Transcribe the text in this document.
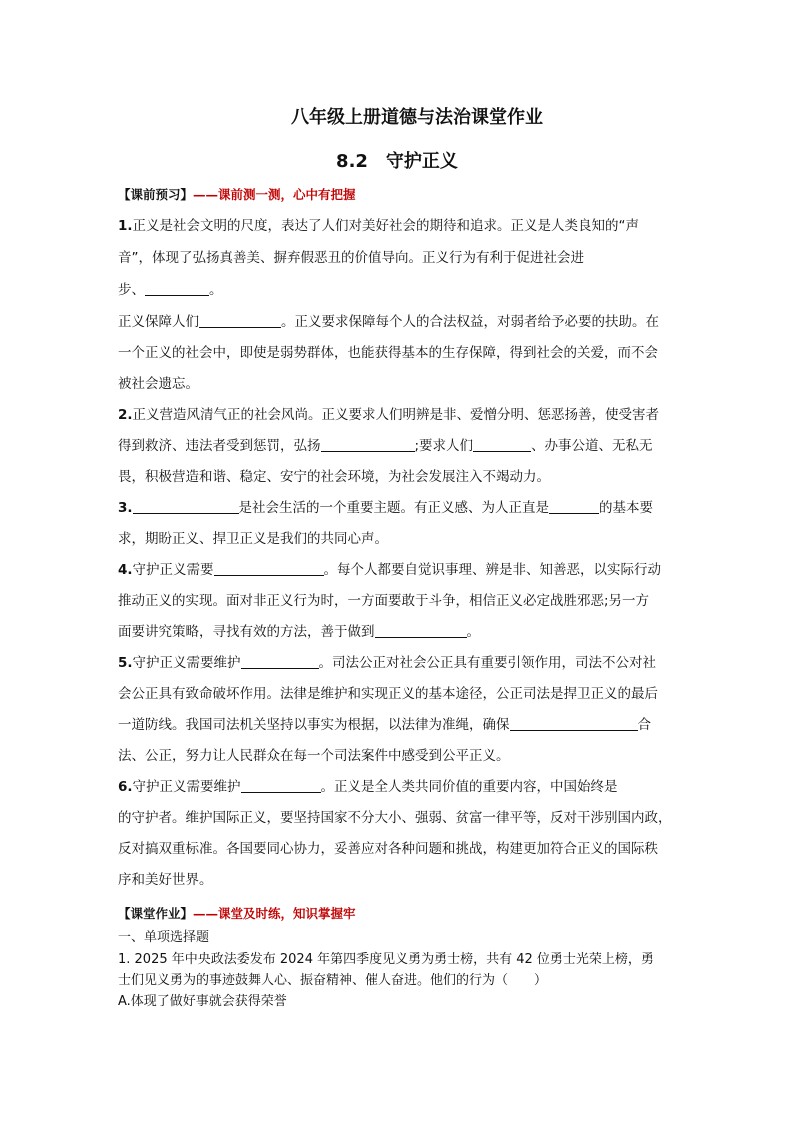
八年级上册道德与法治课堂作业
8.2　守护正义
【课前预习】——课前测一测，心中有把握
1.正义是社会文明的尺度，表达了人们对美好社会的期待和追求。正义是人类良知的“声
音”，体现了弘扬真善美、摒弃假恶丑的价值导向。正义行为有利于促进社会进
步、	。
正义保障人们	。正义要求保障每个人的合法权益，对弱者给予必要的扶助。在
一个正义的社会中，即使是弱势群体，也能获得基本的生存保障，得到社会的关爱，而不会
被社会遗忘。
2.正义营造风清气正的社会风尚。正义要求人们明辨是非、爱憎分明、惩恶扬善，使受害者
得到救济、违法者受到惩罚，弘扬	;要求人们	、办事公道、无私无
畏，积极营造和谐、稳定、安宁的社会环境，为社会发展注入不竭动力。
3.	是社会生活的一个重要主题。有正义感、为人正直是	的基本要
求，期盼正义、捍卫正义是我们的共同心声。
4.守护正义需要	。每个人都要自觉识事理、辨是非、知善恶，以实际行动
推动正义的实现。面对非正义行为时，一方面要敢于斗争，相信正义必定战胜邪恶;另一方
面要讲究策略，寻找有效的方法，善于做到	。
5.守护正义需要维护	。司法公正对社会公正具有重要引领作用，司法不公对社
会公正具有致命破坏作用。法律是维护和实现正义的基本途径，公正司法是捍卫正义的最后
一道防线。我国司法机关坚持以事实为根据，以法律为准绳，确保	合
法、公正，努力让人民群众在每一个司法案件中感受到公平正义。
6.守护正义需要维护	。正义是全人类共同价值的重要内容，中国始终是
的守护者。维护国际正义，要坚持国家不分大小、强弱、贫富一律平等，反对干涉别国内政，
反对搞双重标准。各国要同心协力，妥善应对各种问题和挑战，构建更加符合正义的国际秩
序和美好世界。
【课堂作业】——课堂及时练，知识掌握牢
一、单项选择题
1. 2025 年中央政法委发布 2024 年第四季度见义勇为勇士榜，共有 42 位勇士光荣上榜，勇
士们见义勇为的事迹鼓舞人心、振奋精神、催人奋进。他们的行为（　　）
A.体现了做好事就会获得荣誉
